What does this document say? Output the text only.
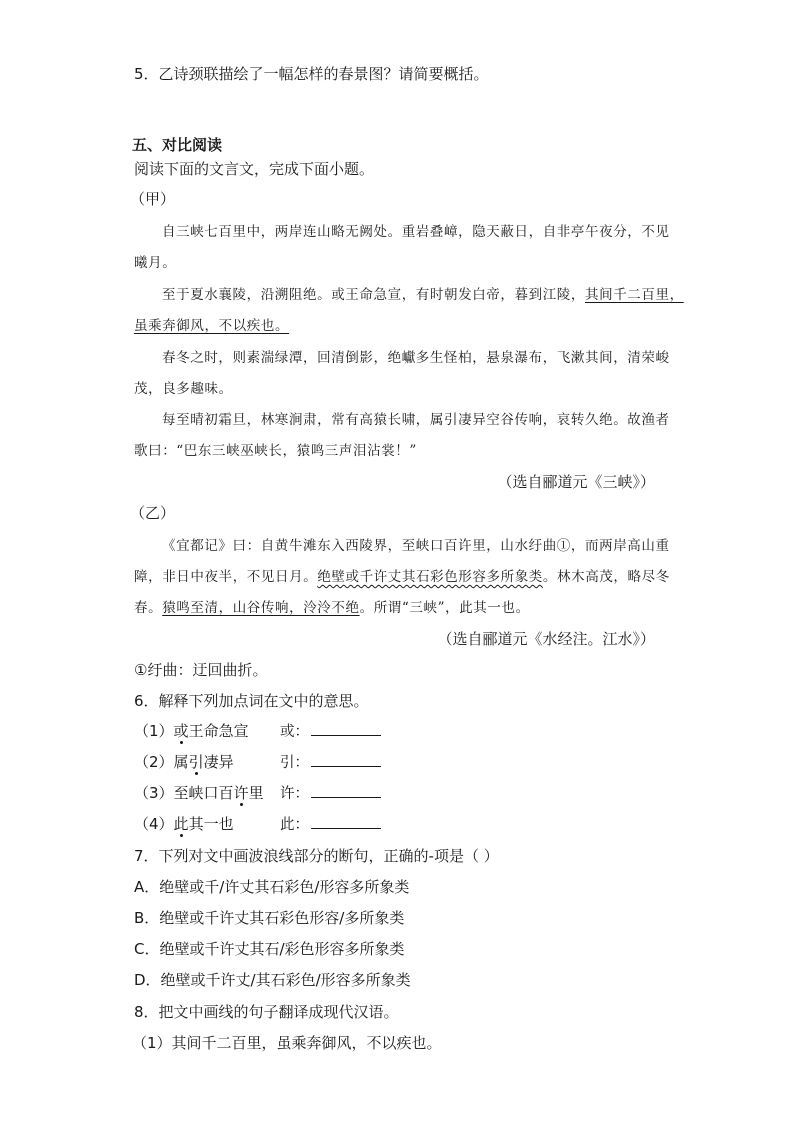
5．乙诗颈联描绘了一幅怎样的春景图？请简要概括。
五、对比阅读
阅读下面的文言文，完成下面小题。
（甲）
自三峡七百里中，两岸连山略无阙处。重岩叠嶂，隐天蔽日，自非亭午夜分，不见
曦月。
至于夏水襄陵，沿溯阻绝。或王命急宣，有时朝发白帝，暮到江陵，其间千二百里，
虽乘奔御风，不以疾也。
春冬之时，则素湍绿潭，回清倒影，绝巘多生怪柏，悬泉瀑布，飞漱其间，清荣峻
茂，良多趣味。
每至晴初霜旦，林寒涧肃，常有高猿长啸，属引凄异空谷传响，哀转久绝。故渔者
歌曰：“巴东三峡巫峡长，猿鸣三声泪沾裳！”
（选自郦道元《三峡》）
（乙）
《宜都记》曰：自黄牛滩东入西陵界，至峡口百许里，山水纡曲①，而两岸高山重
障，非日中夜半，不见日月。绝壁或千许丈其石彩色形容多所象类。林木高茂，略尽冬
春。猿鸣至清，山谷传响，泠泠不绝。所谓“三峡”，此其一也。
（选自郦道元《水经注。江水》）
①纡曲：迂回曲折。
6．解释下列加点词在文中的意思。
（1）或王命急宣 或：
（2）属引凄异	引：
（3）至峡口百许里 许：
（4）此其一也	此：
7．下列对文中画波浪线部分的断句，正确的-项是（ ）
A．绝壁或千/许丈其石彩色/形容多所象类
B．绝壁或千许丈其石彩色形容/多所象类
C．绝壁或千许丈其石/彩色形容多所象类
D．绝壁或千许丈/其石彩色/形容多所象类
8．把文中画线的句子翻译成现代汉语。
（1）其间千二百里，虽乘奔御风，不以疾也。
